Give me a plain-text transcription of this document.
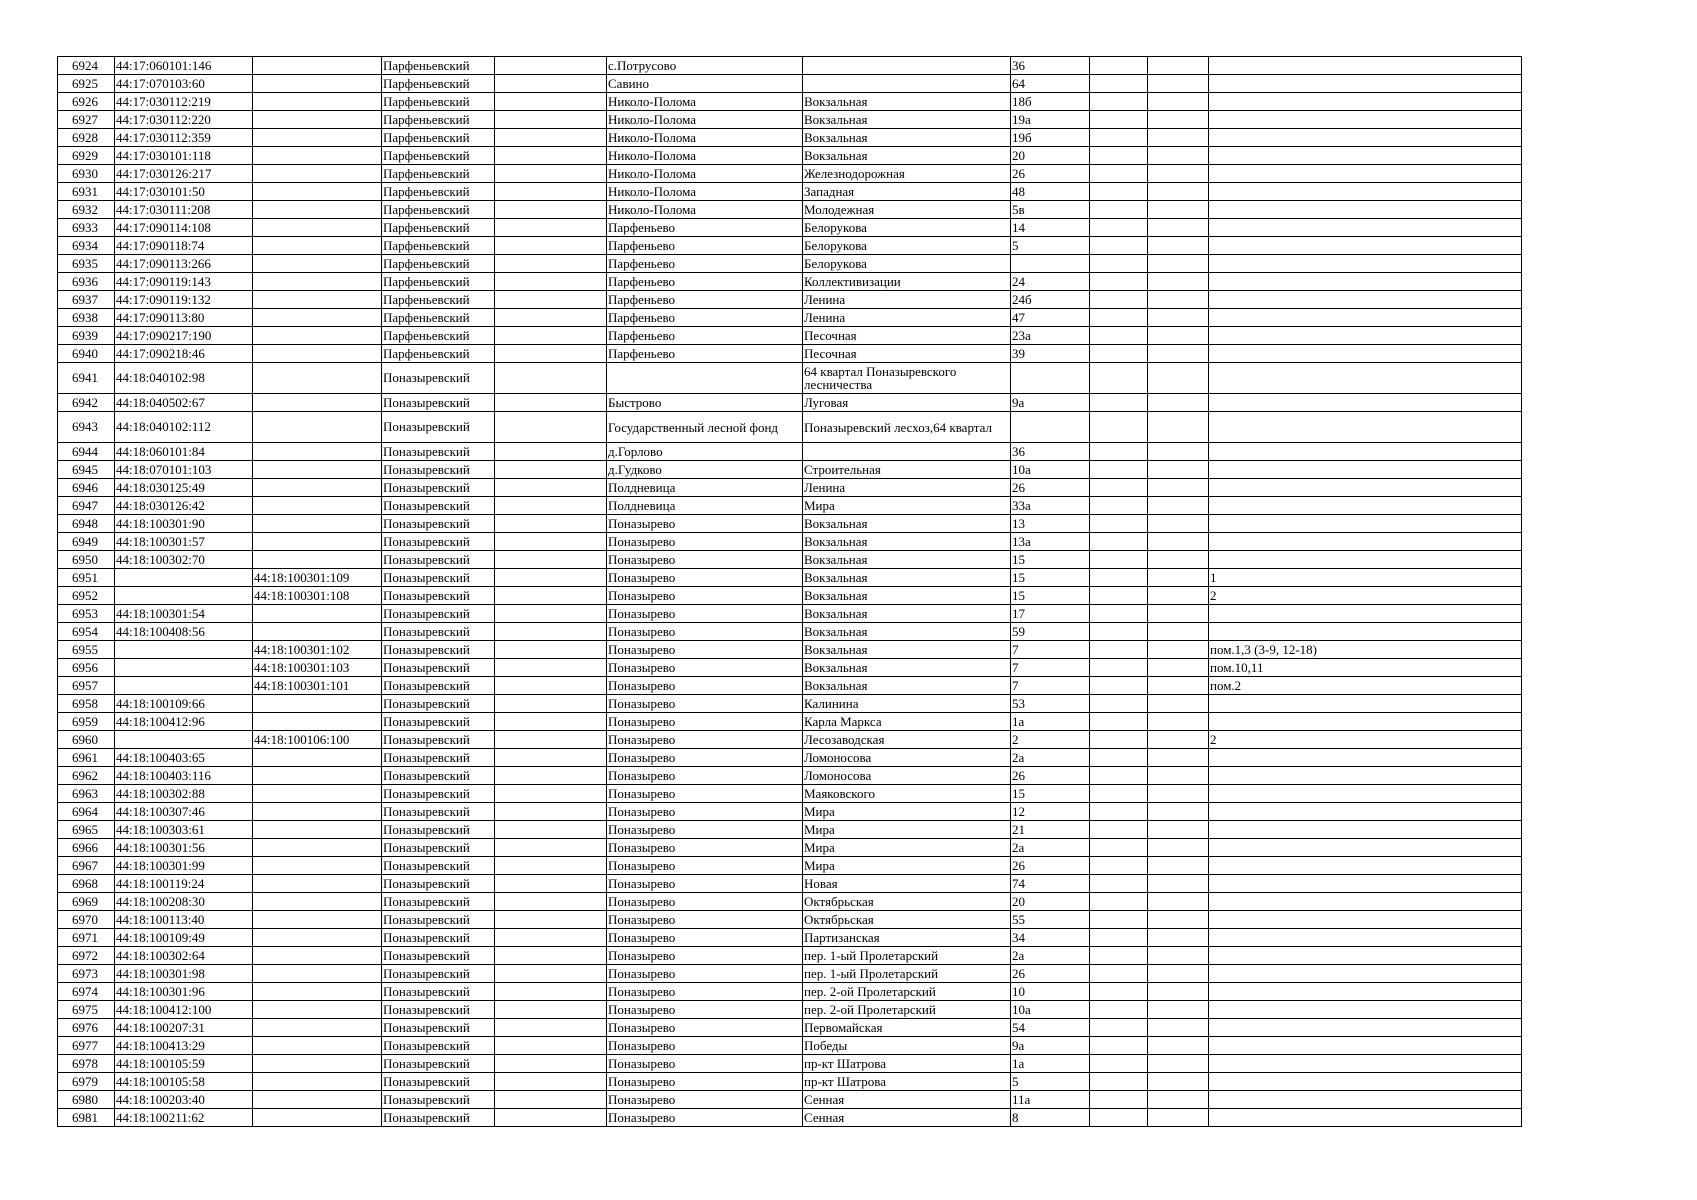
6924	44:17:060101:146		Парфеньевский		с.Потрусово		36			
6925	44:17:070103:60		Парфеньевский		Савино		64			
6926	44:17:030112:219		Парфеньевский		Николо-Полома	Вокзальная	18б			
6927	44:17:030112:220		Парфеньевский		Николо-Полома	Вокзальная	19а			
6928	44:17:030112:359		Парфеньевский		Николо-Полома	Вокзальная	19б			
6929	44:17:030101:118		Парфеньевский		Николо-Полома	Вокзальная	20			
6930	44:17:030126:217		Парфеньевский		Николо-Полома	Железнодорожная	26			
6931	44:17:030101:50		Парфеньевский		Николо-Полома	Западная	48			
6932	44:17:030111:208		Парфеньевский		Николо-Полома	Молодежная	5в			
6933	44:17:090114:108		Парфеньевский		Парфеньево	Белорукова	14			
6934	44:17:090118:74		Парфеньевский		Парфеньево	Белорукова	5			
6935	44:17:090113:266		Парфеньевский		Парфеньево	Белорукова				
6936	44:17:090119:143		Парфеньевский		Парфеньево	Коллективизации	24			
6937	44:17:090119:132		Парфеньевский		Парфеньево	Ленина	24б			
6938	44:17:090113:80		Парфеньевский		Парфеньево	Ленина	47			
6939	44:17:090217:190		Парфеньевский		Парфеньево	Песочная	23а			
6940	44:17:090218:46		Парфеньевский		Парфеньево	Песочная	39			
6941	44:18:040102:98		Поназыревский			64 квартал Поназыревского лесничества				
6942	44:18:040502:67		Поназыревский		Быстрово	Луговая	9а			
6943	44:18:040102:112		Поназыревский		Государственный лесной фонд	Поназыревский лесхоз,64 квартал				
6944	44:18:060101:84		Поназыревский		д.Горлово		36			
6945	44:18:070101:103		Поназыревский		д.Гудково	Строительная	10а			
6946	44:18:030125:49		Поназыревский		Полдневица	Ленина	26			
6947	44:18:030126:42		Поназыревский		Полдневица	Мира	33а			
6948	44:18:100301:90		Поназыревский		Поназырево	Вокзальная	13			
6949	44:18:100301:57		Поназыревский		Поназырево	Вокзальная	13а			
6950	44:18:100302:70		Поназыревский		Поназырево	Вокзальная	15			
6951		44:18:100301:109	Поназыревский		Поназырево	Вокзальная	15			1
6952		44:18:100301:108	Поназыревский		Поназырево	Вокзальная	15			2
6953	44:18:100301:54		Поназыревский		Поназырево	Вокзальная	17			
6954	44:18:100408:56		Поназыревский		Поназырево	Вокзальная	59			
6955		44:18:100301:102	Поназыревский		Поназырево	Вокзальная	7			пом.1,3 (3-9, 12-18)
6956		44:18:100301:103	Поназыревский		Поназырево	Вокзальная	7			пом.10,11
6957		44:18:100301:101	Поназыревский		Поназырево	Вокзальная	7			пом.2
6958	44:18:100109:66		Поназыревский		Поназырево	Калинина	53			
6959	44:18:100412:96		Поназыревский		Поназырево	Карла Маркса	1а			
6960		44:18:100106:100	Поназыревский		Поназырево	Лесозаводская	2			2
6961	44:18:100403:65		Поназыревский		Поназырево	Ломоносова	2а			
6962	44:18:100403:116		Поназыревский		Поназырево	Ломоносова	26			
6963	44:18:100302:88		Поназыревский		Поназырево	Маяковского	15			
6964	44:18:100307:46		Поназыревский		Поназырево	Мира	12			
6965	44:18:100303:61		Поназыревский		Поназырево	Мира	21			
6966	44:18:100301:56		Поназыревский		Поназырево	Мира	2а			
6967	44:18:100301:99		Поназыревский		Поназырево	Мира	26			
6968	44:18:100119:24		Поназыревский		Поназырево	Новая	74			
6969	44:18:100208:30		Поназыревский		Поназырево	Октябрьская	20			
6970	44:18:100113:40		Поназыревский		Поназырево	Октябрьская	55			
6971	44:18:100109:49		Поназыревский		Поназырево	Партизанская	34			
6972	44:18:100302:64		Поназыревский		Поназырево	пер. 1-ый Пролетарский	2а			
6973	44:18:100301:98		Поназыревский		Поназырево	пер. 1-ый Пролетарский	26			
6974	44:18:100301:96		Поназыревский		Поназырево	пер. 2-ой Пролетарский	10			
6975	44:18:100412:100		Поназыревский		Поназырево	пер. 2-ой Пролетарский	10а			
6976	44:18:100207:31		Поназыревский		Поназырево	Первомайская	54			
6977	44:18:100413:29		Поназыревский		Поназырево	Победы	9а			
6978	44:18:100105:59		Поназыревский		Поназырево	пр-кт Шатрова	1а			
6979	44:18:100105:58		Поназыревский		Поназырево	пр-кт Шатрова	5			
6980	44:18:100203:40		Поназыревский		Поназырево	Сенная	11а			
6981	44:18:100211:62		Поназыревский		Поназырево	Сенная	8			
